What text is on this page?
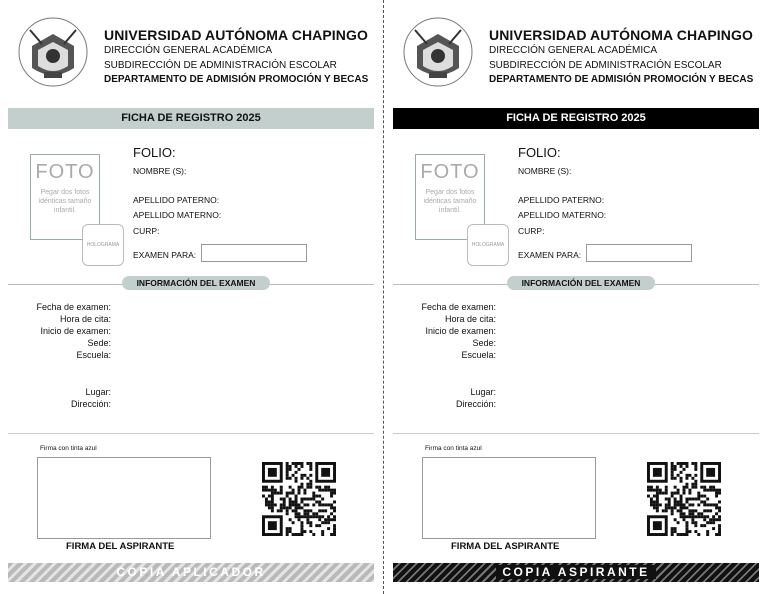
UNIVERSIDAD AUTÓNOMA CHAPINGO
DIRECCIÓN GENERAL ACADÉMICA
SUBDIRECCIÓN DE ADMINISTRACIÓN ESCOLAR
DEPARTAMENTO DE ADMISIÓN PROMOCIÓN Y BECAS
FICHA DE REGISTRO 2025
FOTO
Pegar dos fotos idénticas tamaño infantil.
HOLOGRAMA
FOLIO:
NOMBRE (S):
APELLIDO PATERNO:
APELLIDO MATERNO:
CURP:
EXAMEN PARA:
INFORMACIÓN DEL EXAMEN
Fecha de examen:
Hora de cita:
Inicio de examen:
Sede:
Escuela:
Lugar:
Dirección:
Firma con tinta azul
FIRMA DEL ASPIRANTE
COPIA APLICADOR
UNIVERSIDAD AUTÓNOMA CHAPINGO
DIRECCIÓN GENERAL ACADÉMICA
SUBDIRECCIÓN DE ADMINISTRACIÓN ESCOLAR
DEPARTAMENTO DE ADMISIÓN PROMOCIÓN Y BECAS
FICHA DE REGISTRO 2025
FOTO
Pegar dos fotos idénticas tamaño infantil.
HOLOGRAMA
FOLIO:
NOMBRE (S):
APELLIDO PATERNO:
APELLIDO MATERNO:
CURP:
EXAMEN PARA:
INFORMACIÓN DEL EXAMEN
Fecha de examen:
Hora de cita:
Inicio de examen:
Sede:
Escuela:
Lugar:
Dirección:
Firma con tinta azul
FIRMA DEL ASPIRANTE
COPIA ASPIRANTE
